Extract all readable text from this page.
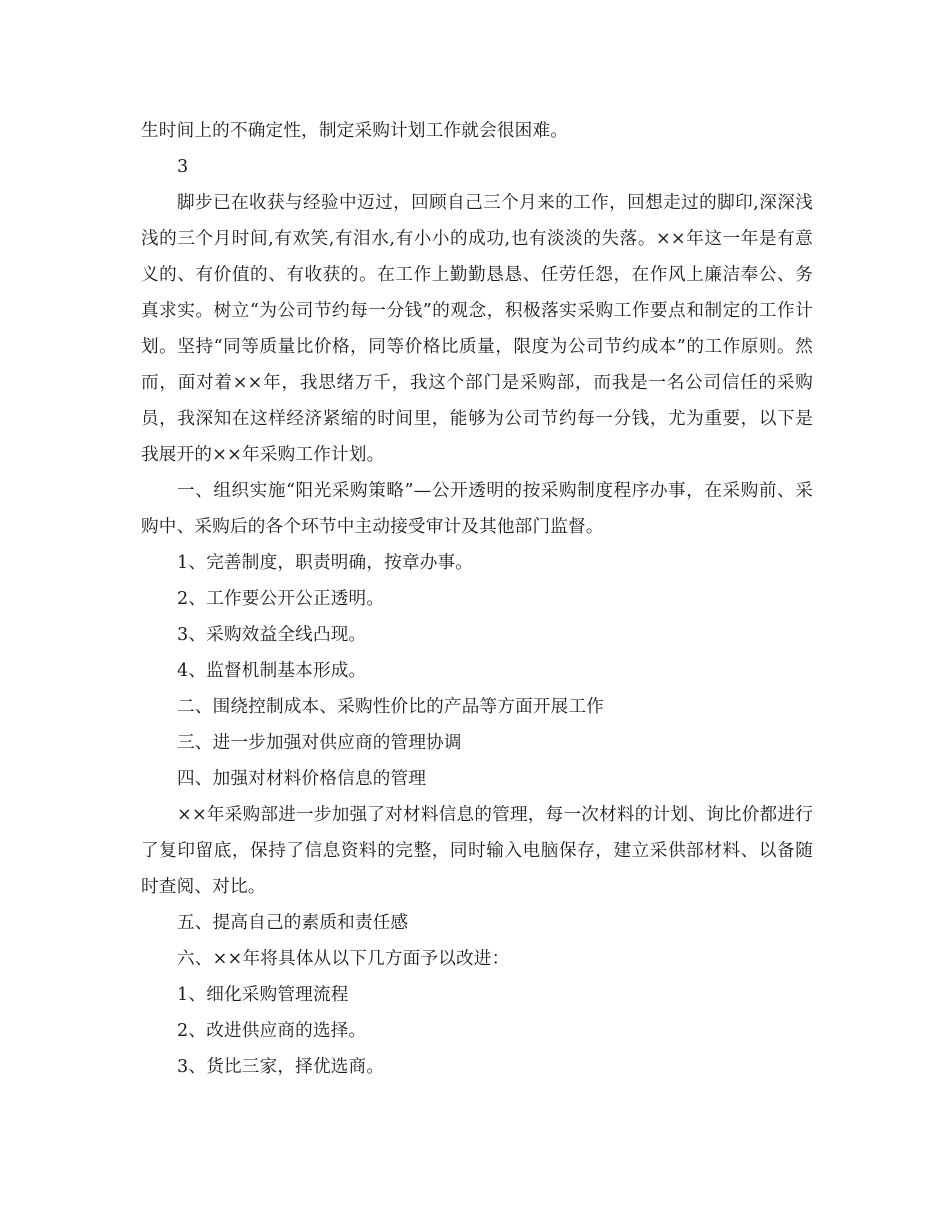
生时间上的不确定性，制定采购计划工作就会很困难。

3

脚步已在收获与经验中迈过，回顾自己三个月来的工作，回想走过的脚印,深深浅浅的三个月时间,有欢笑,有泪水,有小小的成功,也有淡淡的失落。××年这一年是有意义的、有价值的、有收获的。在工作上勤勤恳恳、任劳任怨，在作风上廉洁奉公、务真求实。树立“为公司节约每一分钱”的观念，积极落实采购工作要点和制定的工作计划。坚持“同等质量比价格，同等价格比质量，限度为公司节约成本”的工作原则。然而，面对着××年，我思绪万千，我这个部门是采购部，而我是一名公司信任的采购员，我深知在这样经济紧缩的时间里，能够为公司节约每一分钱，尤为重要，以下是我展开的××年采购工作计划。

一、组织实施“阳光采购策略”—公开透明的按采购制度程序办事，在采购前、采购中、采购后的各个环节中主动接受审计及其他部门监督。

1、完善制度，职责明确，按章办事。

2、工作要公开公正透明。

3、采购效益全线凸现。

4、监督机制基本形成。

二、围绕控制成本、采购性价比的产品等方面开展工作

三、进一步加强对供应商的管理协调

四、加强对材料价格信息的管理

××年采购部进一步加强了对材料信息的管理，每一次材料的计划、询比价都进行了复印留底，保持了信息资料的完整，同时输入电脑保存，建立采供部材料、以备随时查阅、对比。

五、提高自己的素质和责任感

六、××年将具体从以下几方面予以改进：

1、细化采购管理流程

2、改进供应商的选择。

3、货比三家，择优选商。
